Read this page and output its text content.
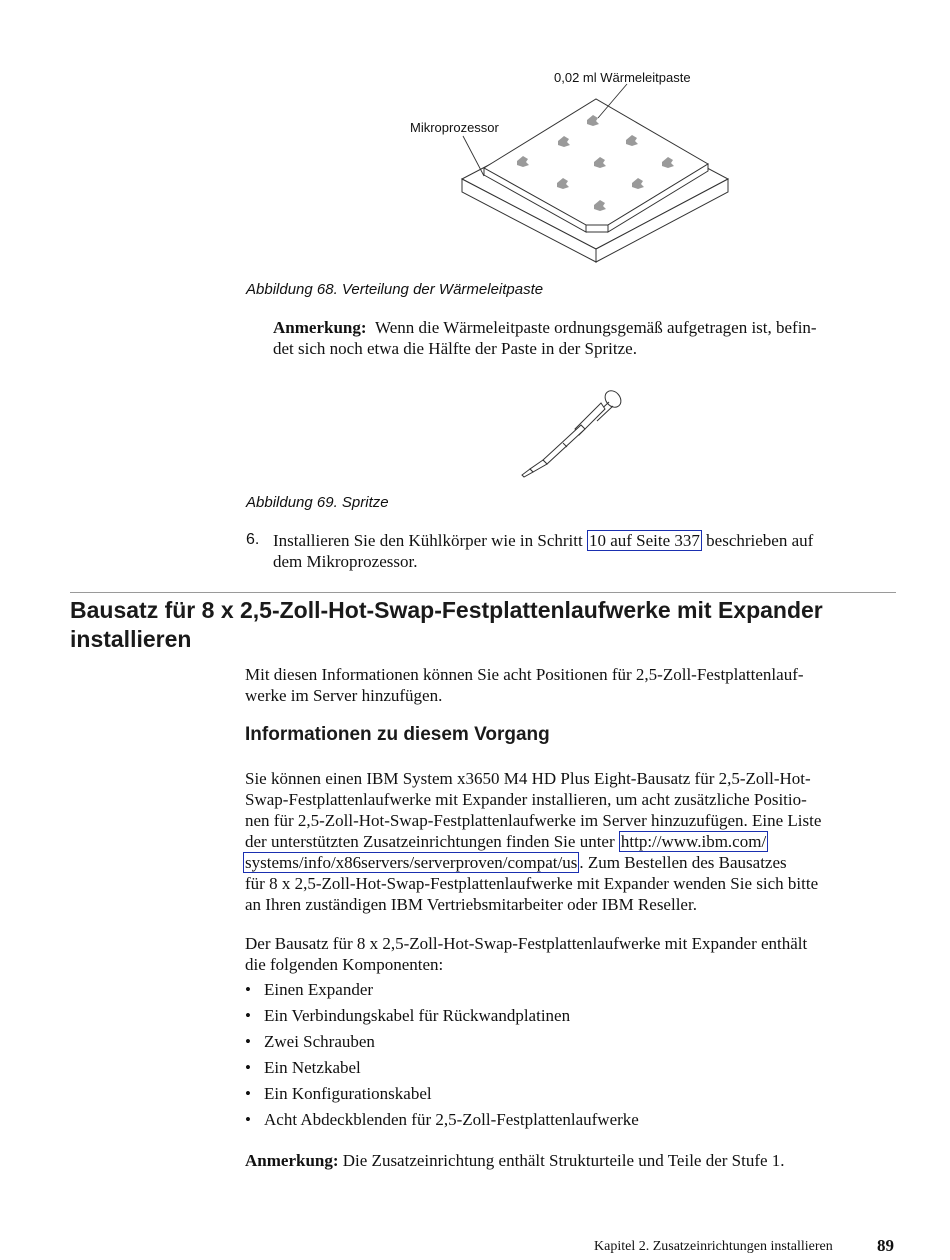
0,02 ml Wärmeleitpaste
Mikroprozessor
Abbildung 68. Verteilung der Wärmeleitpaste
Anmerkung: Wenn die Wärmeleitpaste ordnungsgemäß aufgetragen ist, befin-
det sich noch etwa die Hälfte der Paste in der Spritze.
Abbildung 69. Spritze
6. Installieren Sie den Kühlkörper wie in Schritt 10 auf Seite 337 beschrieben auf
dem Mikroprozessor.
Bausatz für 8 x 2,5-Zoll-Hot-Swap-Festplattenlaufwerke mit Expander
installieren
Mit diesen Informationen können Sie acht Positionen für 2,5-Zoll-Festplattenlauf-
werke im Server hinzufügen.
Informationen zu diesem Vorgang
Sie können einen IBM System x3650 M4 HD Plus Eight-Bausatz für 2,5-Zoll-Hot-
Swap-Festplattenlaufwerke mit Expander installieren, um acht zusätzliche Positio-
nen für 2,5-Zoll-Hot-Swap-Festplattenlaufwerke im Server hinzuzufügen. Eine Liste
der unterstützten Zusatzeinrichtungen finden Sie unter http://www.ibm.com/
systems/info/x86servers/serverproven/compat/us . Zum Bestellen des Bausatzes
für 8 x 2,5-Zoll-Hot-Swap-Festplattenlaufwerke mit Expander wenden Sie sich bitte
an Ihren zuständigen IBM Vertriebsmitarbeiter oder IBM Reseller.
Der Bausatz für 8 x 2,5-Zoll-Hot-Swap-Festplattenlaufwerke mit Expander enthält
die folgenden Komponenten:
• Einen Expander
• Ein Verbindungskabel für Rückwandplatinen
• Zwei Schrauben
• Ein Netzkabel
• Ein Konfigurationskabel
• Acht Abdeckblenden für 2,5-Zoll-Festplattenlaufwerke
Anmerkung: Die Zusatzeinrichtung enthält Strukturteile und Teile der Stufe 1.
Kapitel 2. Zusatzeinrichtungen installieren	89
